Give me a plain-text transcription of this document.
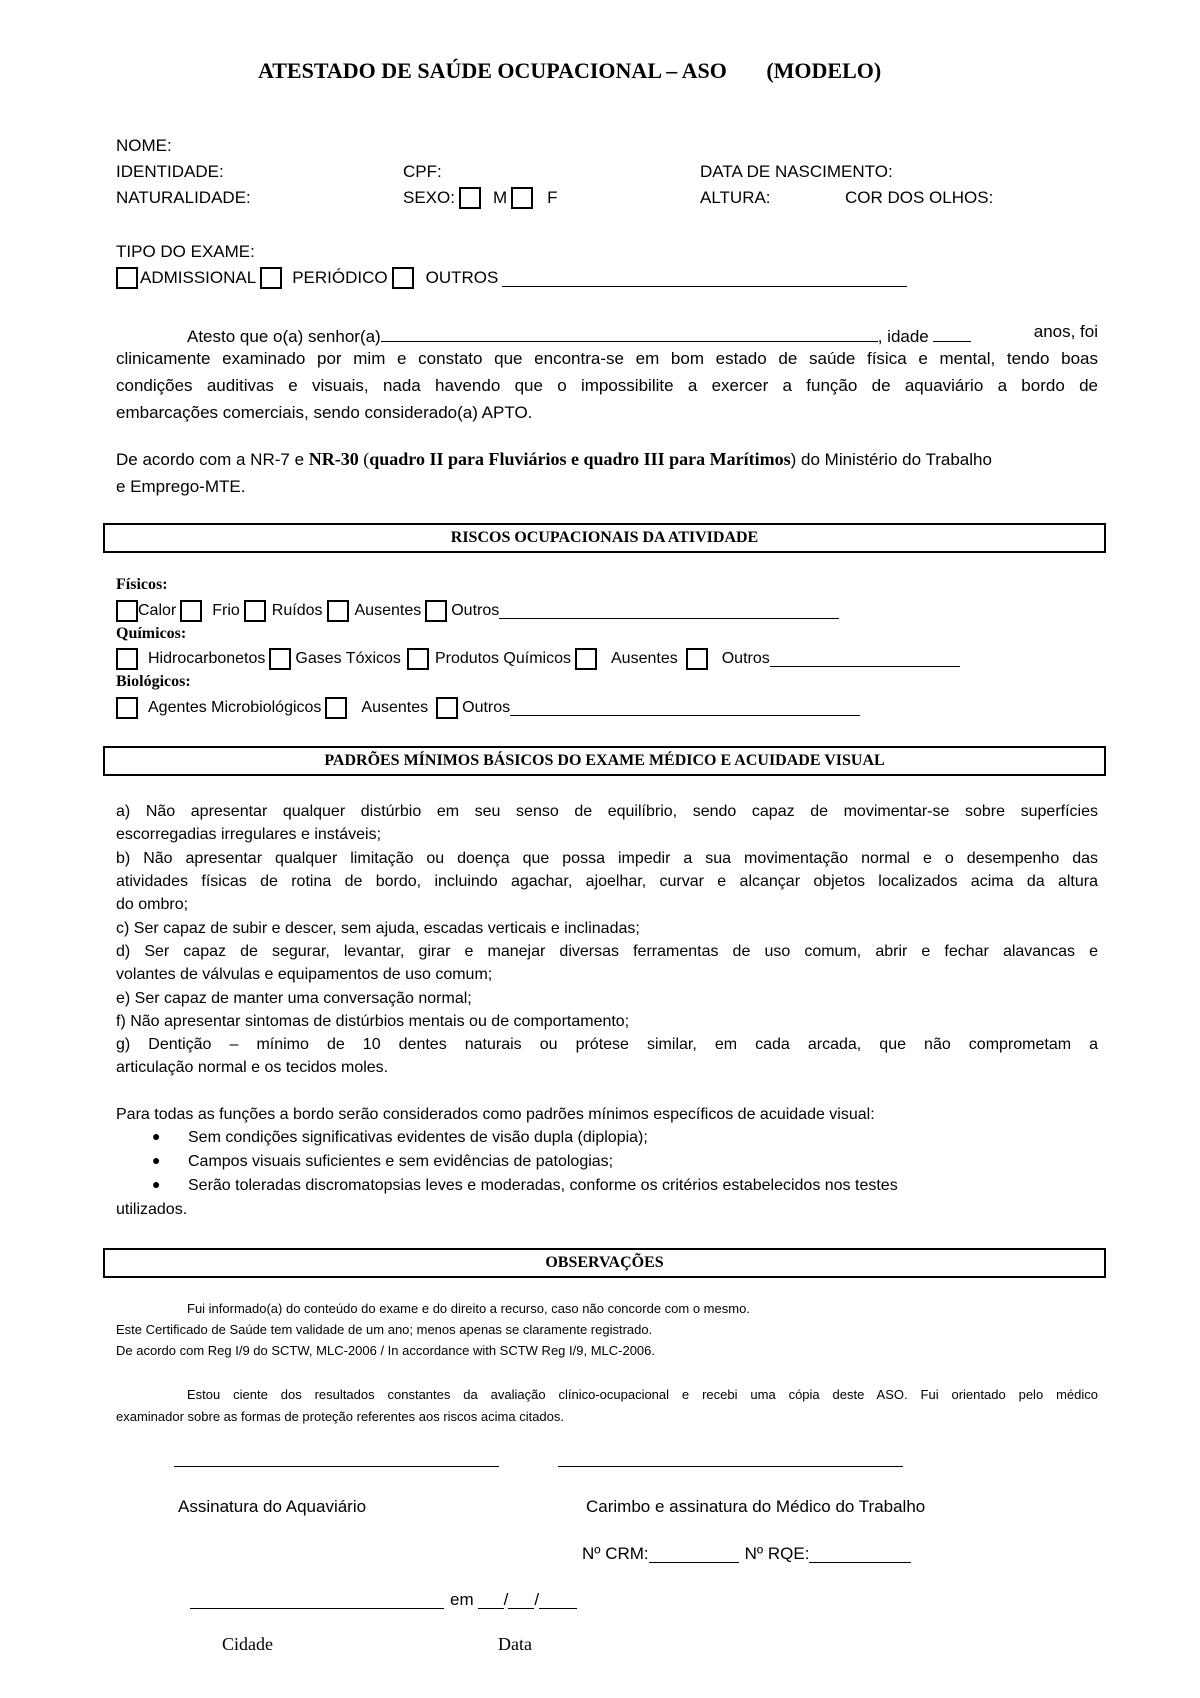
ATESTADO DE SAÚDE OCUPACIONAL – ASO (MODELO)
NOME:
IDENTIDADE:	CPF:	DATA DE NASCIMENTO:
NATURALIDADE:	SEXO: M F	ALTURA:	COR DOS OLHOS:
TIPO DO EXAME:
ADMISSIONAL PERIÓDICO OUTROS
Atesto que o(a) senhor(a)	, idade	anos, foi
clinicamente examinado por mim e constato que encontra-se em bom estado de saúde física e mental, tendo boas
condições auditivas e visuais, nada havendo que o impossibilite a exercer a função de aquaviário a bordo de
embarcações comerciais, sendo considerado(a) APTO.
De acordo com a NR-7 e NR-30 (quadro II para Fluviários e quadro III para Marítimos) do Ministério do Trabalho
e Emprego-MTE.
RISCOS OCUPACIONAIS DA ATIVIDADE
Físicos:
Calor Frio Ruídos Ausentes Outros
Químicos:
Hidrocarbonetos Gases Tóxicos Produtos Químicos	Ausentes	Outros
Biológicos:
Agentes Microbiológicos	Ausentes Outros
PADRÕES MÍNIMOS BÁSICOS DO EXAME MÉDICO E ACUIDADE VISUAL
a) Não apresentar qualquer distúrbio em seu senso de equilíbrio, sendo capaz de movimentar-se sobre superfícies
escorregadias irregulares e instáveis;
b) Não apresentar qualquer limitação ou doença que possa impedir a sua movimentação normal e o desempenho das
atividades físicas de rotina de bordo, incluindo agachar, ajoelhar, curvar e alcançar objetos localizados acima da altura
do ombro;
c) Ser capaz de subir e descer, sem ajuda, escadas verticais e inclinadas;
d) Ser capaz de segurar, levantar, girar e manejar diversas ferramentas de uso comum, abrir e fechar alavancas e
volantes de válvulas e equipamentos de uso comum;
e) Ser capaz de manter uma conversação normal;
f) Não apresentar sintomas de distúrbios mentais ou de comportamento;
g) Dentição – mínimo de 10 dentes naturais ou prótese similar, em cada arcada, que não comprometam a
articulação normal e os tecidos moles.
Para todas as funções a bordo serão considerados como padrões mínimos específicos de acuidade visual:
● Sem condições significativas evidentes de visão dupla (diplopia);
● Campos visuais suficientes e sem evidências de patologias;
● Serão toleradas discromatopsias leves e moderadas, conforme os critérios estabelecidos nos testes
utilizados.
OBSERVAÇÕES
Fui informado(a) do conteúdo do exame e do direito a recurso, caso não concorde com o mesmo.
Este Certificado de Saúde tem validade de um ano; menos apenas se claramente registrado.
De acordo com Reg I/9 do SCTW, MLC-2006 / In accordance with SCTW Reg I/9, MLC-2006.
Estou ciente dos resultados constantes da avaliação clínico-ocupacional e recebi uma cópia deste ASO. Fui orientado pelo médico
examinador sobre as formas de proteção referentes aos riscos acima citados.
Assinatura do Aquaviário	Carimbo e assinatura do Médico do Trabalho
Nº CRM:	Nº RQE:
em / /
Cidade	Data
